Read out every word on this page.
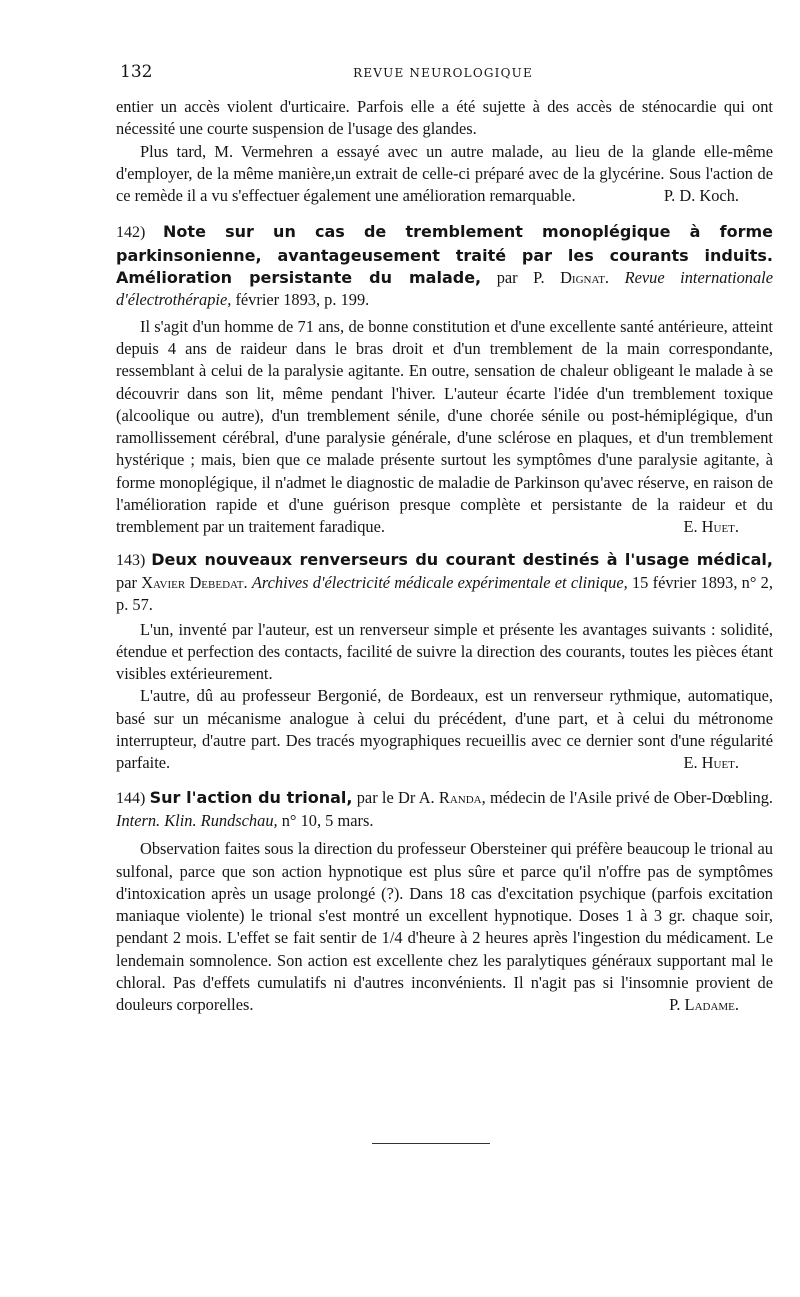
132	REVUE NEUROLOGIQUE

entier un accès violent d'urticaire. Parfois elle a été sujette à des accès de sténocardie qui ont nécessité une courte suspension de l'usage des glandes.

Plus tard, M. Vermehren a essayé avec un autre malade, au lieu de la glande elle-même d'employer, de la même manière,un extrait de celle-ci préparé avec de la glycérine. Sous l'action de ce remède il a vu s'effectuer également une amélioration remarquable.	P. D. Koch.

142) Note sur un cas de tremblement monoplégique à forme parkinsonienne, avantageusement traité par les courants induits. Amélioration persistante du malade, par P. Dignat. Revue internationale d'électrothérapie, février 1893, p. 199.

Il s'agit d'un homme de 71 ans, de bonne constitution et d'une excellente santé antérieure, atteint depuis 4 ans de raideur dans le bras droit et d'un tremblement de la main correspondante, ressemblant à celui de la paralysie agitante. En outre, sensation de chaleur obligeant le malade à se découvrir dans son lit, même pendant l'hiver. L'auteur écarte l'idée d'un tremblement toxique (alcoolique ou autre), d'un tremblement sénile, d'une chorée sénile ou post-hémiplégique, d'un ramollissement cérébral, d'une paralysie générale, d'une sclérose en plaques, et d'un tremblement hystérique ; mais, bien que ce malade présente surtout les symptômes d'une paralysie agitante, à forme monoplégique, il n'admet le diagnostic de maladie de Parkinson qu'avec réserve, en raison de l'amélioration rapide et d'une guérison presque complète et persistante de la raideur et du tremblement par un traitement faradique.	E. Huet.

143) Deux nouveaux renverseurs du courant destinés à l'usage médical, par Xavier Debedat. Archives d'électricité médicale expérimentale et clinique, 15 février 1893, n° 2, p. 57.

L'un, inventé par l'auteur, est un renverseur simple et présente les avantages suivants : solidité, étendue et perfection des contacts, facilité de suivre la direction des courants, toutes les pièces étant visibles extérieurement.

L'autre, dû au professeur Bergonié, de Bordeaux, est un renverseur rythmique, automatique, basé sur un mécanisme analogue à celui du précédent, d'une part, et à celui du métronome interrupteur, d'autre part. Des tracés myographiques recueillis avec ce dernier sont d'une régularité parfaite.	E. Huet.

144) Sur l'action du trional, par le Dr A. Randa, médecin de l'Asile privé de Ober-Dœbling. Intern. Klin. Rundschau, n° 10, 5 mars.

Observation faites sous la direction du professeur Obersteiner qui préfère beaucoup le trional au sulfonal, parce que son action hypnotique est plus sûre et parce qu'il n'offre pas de symptômes d'intoxication après un usage prolongé (?). Dans 18 cas d'excitation psychique (parfois excitation maniaque violente) le trional s'est montré un excellent hypnotique. Doses 1 à 3 gr. chaque soir, pendant 2 mois. L'effet se fait sentir de 1/4 d'heure à 2 heures après l'ingestion du médicament. Le lendemain somnolence. Son action est excellente chez les paralytiques généraux supportant mal le chloral. Pas d'effets cumulatifs ni d'autres inconvénients. Il n'agit pas si l'insomnie provient de douleurs corporelles.	P. Ladame.
